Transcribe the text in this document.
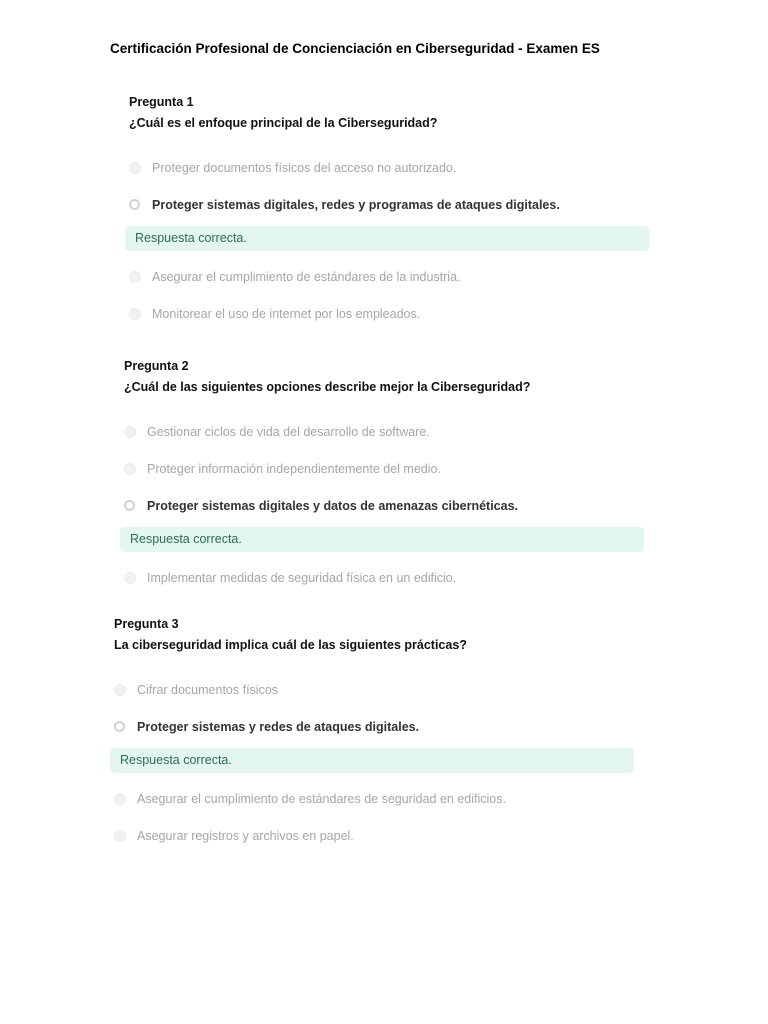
Certificación Profesional de Concienciación en Ciberseguridad - Examen ES
Pregunta 1
¿Cuál es el enfoque principal de la Ciberseguridad?
Proteger documentos físicos del acceso no autorizado.
Proteger sistemas digitales, redes y programas de ataques digitales.
Respuesta correcta.
Asegurar el cumplimiento de estándares de la industria.
Monitorear el uso de internet por los empleados.
Pregunta 2
¿Cuál de las siguientes opciones describe mejor la Ciberseguridad?
Gestionar ciclos de vida del desarrollo de software.
Proteger información independientemente del medio.
Proteger sistemas digitales y datos de amenazas cibernéticas.
Respuesta correcta.
Implementar medidas de seguridad física en un edificio.
Pregunta 3
La ciberseguridad implica cuál de las siguientes prácticas?
Cifrar documentos físicos
Proteger sistemas y redes de ataques digitales.
Respuesta correcta.
Asegurar el cumplimiento de estándares de seguridad en edificios.
Asegurar registros y archivos en papel.
